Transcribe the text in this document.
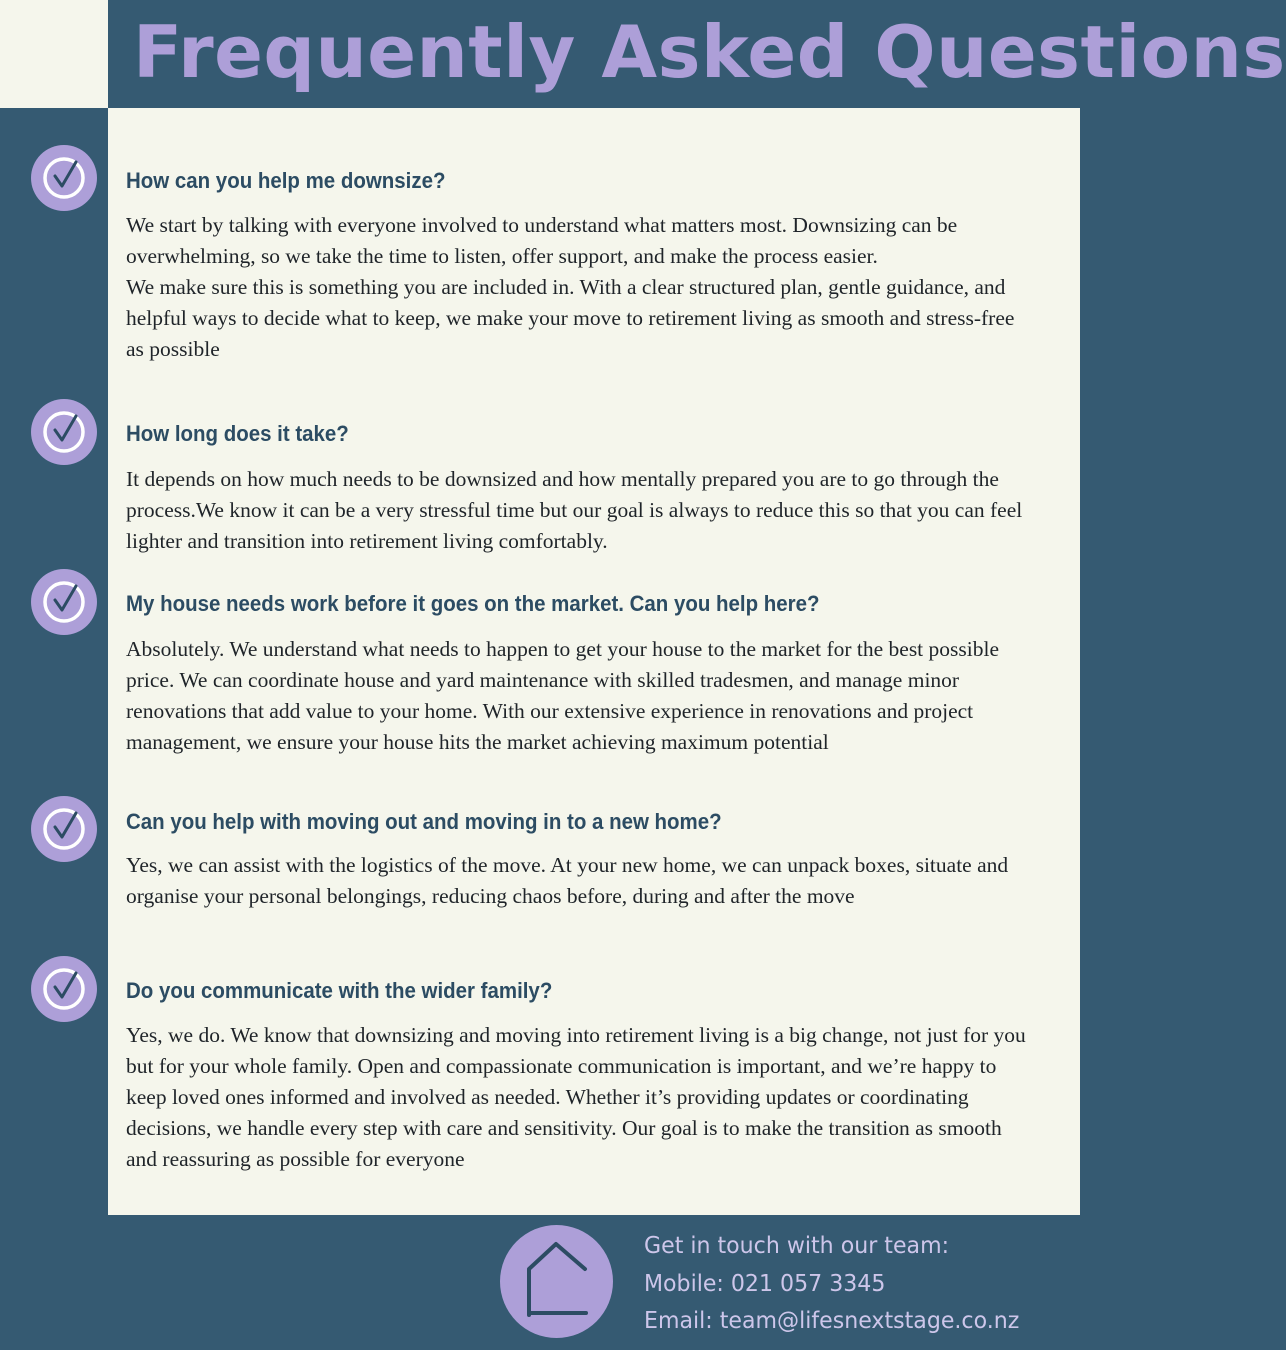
Frequently Asked Questions
How can you help me downsize?

We start by talking with everyone involved to understand what matters most. Downsizing can be overwhelming, so we take the time to listen, offer support, and make the process easier.

We make sure this is something you are included in. With a clear structured plan, gentle guidance, and helpful ways to decide what to keep, we make your move to retirement living as smooth and stress-free as possible

How long does it take?

It depends on how much needs to be downsized and how mentally prepared you are to go through the process.We know it can be a very stressful time but our goal is always to reduce this so that you can feel lighter and transition into retirement living comfortably.

My house needs work before it goes on the market. Can you help here?

Absolutely. We understand what needs to happen to get your house to the market for the best possible price. We can coordinate house and yard maintenance with skilled tradesmen, and manage minor renovations that add value to your home. With our extensive experience in renovations and project management, we ensure your house hits the market achieving maximum potential

Can you help with moving out and moving in to a new home?

Yes, we can assist with the logistics of the move. At your new home, we can unpack boxes, situate and organise your personal belongings, reducing chaos before, during and after the move

Do you communicate with the wider family?

Yes, we do. We know that downsizing and moving into retirement living is a big change, not just for you but for your whole family. Open and compassionate communication is important, and we’re happy to keep loved ones informed and involved as needed. Whether it’s providing updates or coordinating decisions, we handle every step with care and sensitivity. Our goal is to make the transition as smooth and reassuring as possible for everyone

Get in touch with our team:
Mobile: 021 057 3345
Email: team@lifesnextstage.co.nz
